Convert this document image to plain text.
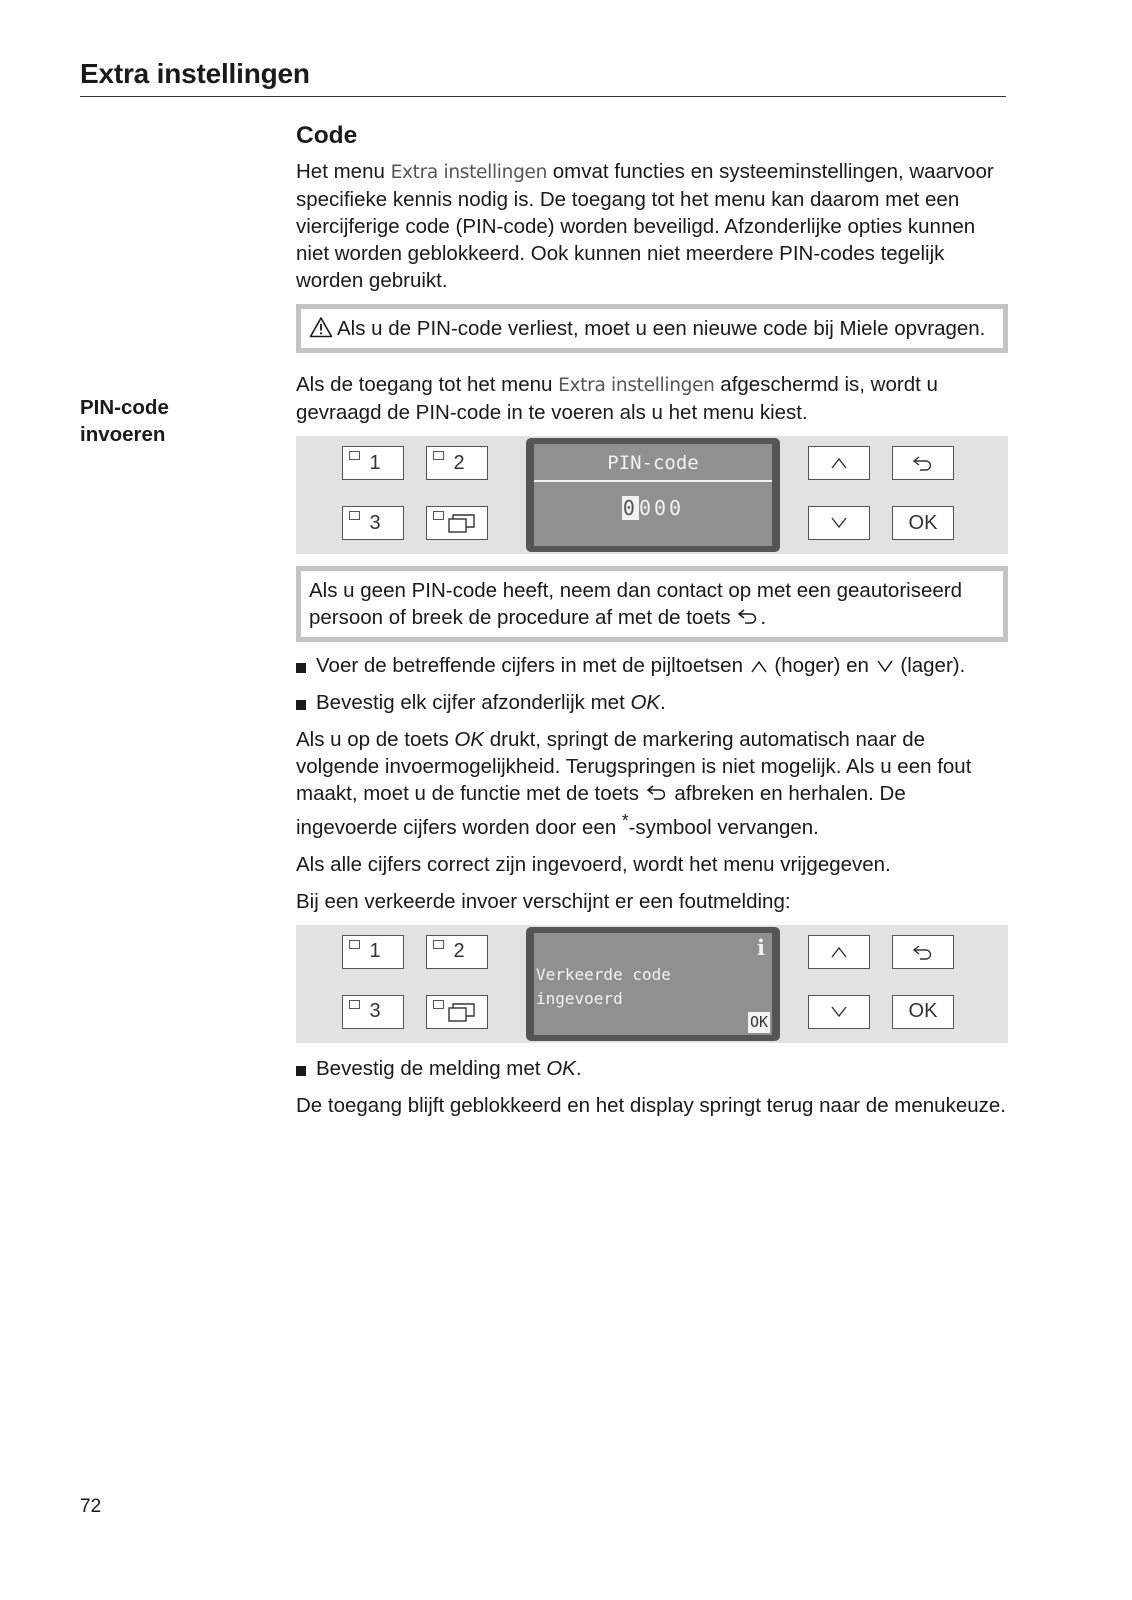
Extra instellingen
PIN-code
invoeren
Code

Het menu Extra instellingen omvat functies en systeeminstellingen, waarvoor specifieke kennis nodig is. De toegang tot het menu kan daarom met een viercijferige code (PIN-code) worden beveiligd. Afzonderlijke opties kunnen niet worden geblokkeerd. Ook kunnen niet meerdere PIN-codes tegelijk worden gebruikt.

Als u de PIN-code verliest, moet u een nieuwe code bij Miele opvragen.

Als de toegang tot het menu Extra instellingen afgeschermd is, wordt u gevraagd de PIN-code in te voeren als u het menu kiest.

1	2
3
PIN-code
0000
OK
Als u geen PIN-code heeft, neem dan contact op met een geautoriseerd persoon of breek de procedure af met de toets .
Voer de betreffende cijfers in met de pijltoetsen (hoger) en (lager).
Bevestig elk cijfer afzonderlijk met OK.

Als u op de toets OK drukt, springt de markering automatisch naar de volgende invoermogelijkheid. Terugspringen is niet mogelijk. Als u een fout maakt, moet u de functie met de toets afbreken en herhalen. De ingevoerde cijfers worden door een *-symbool vervangen.

Als alle cijfers correct zijn ingevoerd, wordt het menu vrijgegeven.

Bij een verkeerde invoer verschijnt er een foutmelding:

1	2
3
i
Verkeerde code
ingevoerd
OK	OK
Bevestig de melding met OK.

De toegang blijft geblokkeerd en het display springt terug naar de menukeuze.

72
